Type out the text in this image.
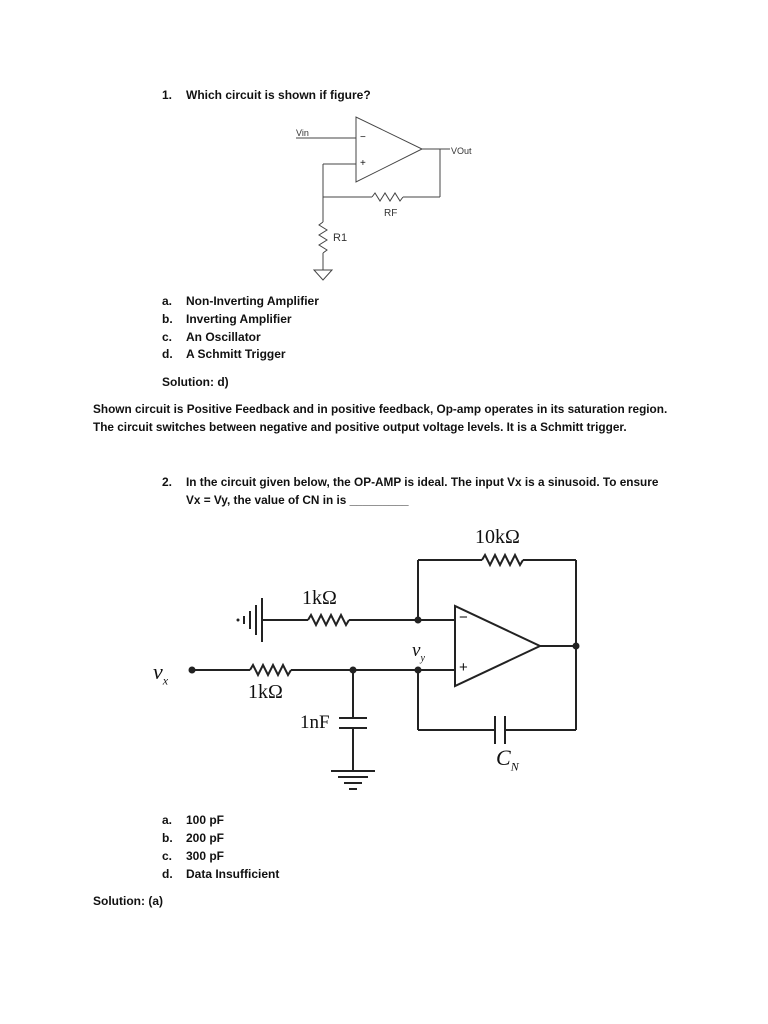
1. Which circuit is shown if figure?
Vin
VOut
−
+
RF
R1
a.	Non-Inverting Amplifier
b.	Inverting Amplifier
c.	An Oscillator
d.	A Schmitt Trigger
Solution: d)
Shown circuit is Positive Feedback and in positive feedback, Op-amp operates in its saturation region.
The circuit switches between negative and positive output voltage levels. It is a Schmitt trigger.
2. In the circuit given below, the OP-AMP is ideal. The input Vx is a sinusoid. To ensure
Vx = Vy, the value of CN in is _________
10kΩ
1kΩ
1kΩ
1nF
$v_x$
$v_y$
$C_N$
−
+
a.	100 pF
b.	200 pF
c.	300 pF
d.	Data Insufficient
Solution: (a)
